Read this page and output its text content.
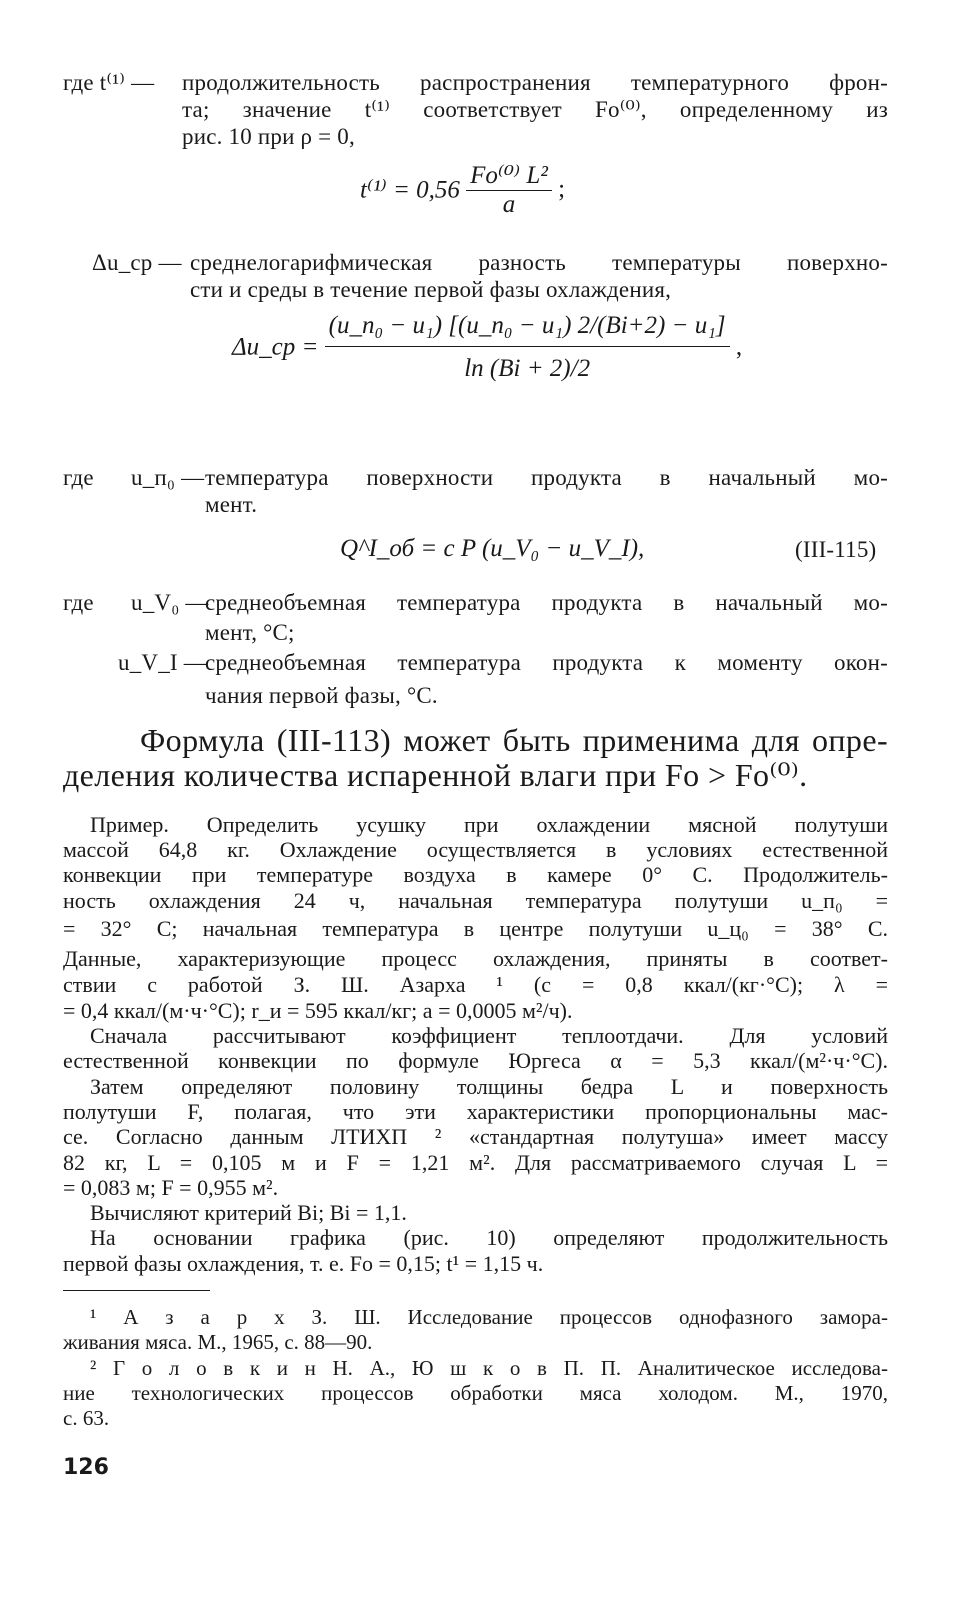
где t⁽¹⁾ — продолжительность распространения температурного фрон-
та; значение t⁽¹⁾ соответствует Fo⁽⁰⁾, определенному из
рис. 10 при ρ = 0,
$t^{(1)} = 0,56 \frac{\text{Fo⁽⁰⁾ L²}}{a}$ ;
Δu_ср — среднелогарифмическая разность температуры поверхно-
сти и среды в течение первой фазы охлаждения,
Δu_ср = $\frac{\text{(u\_п₀ − u₁) [(u\_п₀ − u₁) 2/(Bi+2) − u₁]}}{\ln (Bi + 2)/2}$ ,
где u_п₀ — температура поверхности продукта в начальный мо-
мент.
Q^I_об = c P (u_V₀ − u_V_I),	(III-115)
где u_V₀ —
среднеобъемная температура продукта в начальный мо-
мент, °C;
u_V_I —
среднеобъемная температура продукта к моменту окон-
чания первой фазы, °C.
Формула (III-113) может быть применима для опре-
деления количества испаренной влаги при Fo > Fo⁽⁰⁾.
Пример. Определить усушку при охлаждении мясной полутуши
массой 64,8 кг. Охлаждение осуществляется в условиях естественной
конвекции при температуре воздуха в камере 0° C. Продолжитель-
ность охлаждения 24 ч, начальная температура полутуши u_п₀ =
= 32° C; начальная температура в центре полутуши u_ц₀ = 38° C.
Данные, характеризующие процесс охлаждения, приняты в соответ-
ствии с работой З. Ш. Азарха ¹ (c = 0,8 ккал/(кг·°C); λ =
= 0,4 ккал/(м·ч·°C); r_и = 595 ккал/кг; a = 0,0005 м²/ч).
Сначала рассчитывают коэффициент теплоотдачи. Для условий
естественной конвекции по формуле Юргеса α = 5,3 ккал/(м²·ч·°C).
Затем определяют половину толщины бедра L и поверхность
полутуши F, полагая, что эти характеристики пропорциональны мас-
се. Согласно данным ЛТИХП ² «стандартная полутуша» имеет массу
82 кг, L = 0,105 м и F = 1,21 м². Для рассматриваемого случая L =
= 0,083 м; F = 0,955 м².
Вычисляют критерий Bi; Bi = 1,1.
На основании графика (рис. 10) определяют продолжительность
первой фазы охлаждения, т. е. Fo = 0,15; t¹ = 1,15 ч.
¹ А з а р х З. Ш. Исследование процессов однофазного замора-
живания мяса. М., 1965, с. 88—90.
² Г о л о в к и н Н. А., Ю ш к о в П. П. Аналитическое исследова-
ние технологических процессов обработки мяса холодом. М., 1970,
с. 63.
126
